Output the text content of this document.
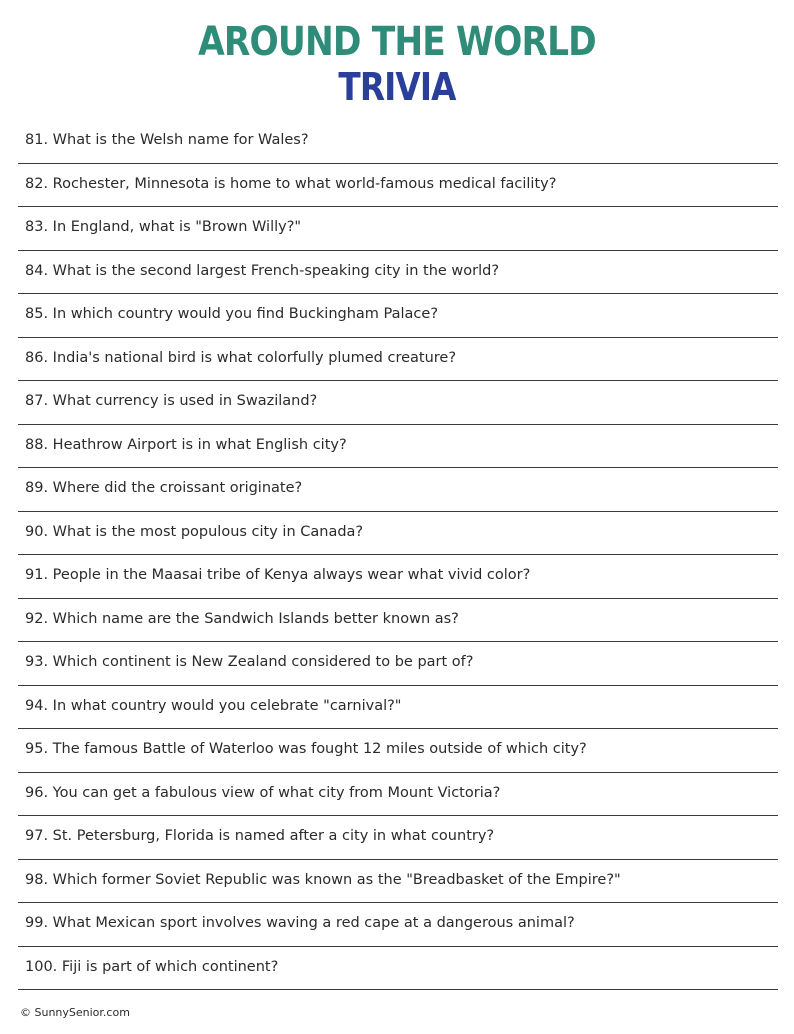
AROUND THE WORLD
TRIVIA
81. What is the Welsh name for Wales?
82. Rochester, Minnesota is home to what world-famous medical facility?
83. In England, what is "Brown Willy?"
84. What is the second largest French-speaking city in the world?
85. In which country would you find Buckingham Palace?
86. India's national bird is what colorfully plumed creature?
87. What currency is used in Swaziland?
88. Heathrow Airport is in what English city?
89. Where did the croissant originate?
90. What is the most populous city in Canada?
91. People in the Maasai tribe of Kenya always wear what vivid color?
92. Which name are the Sandwich Islands better known as?
93. Which continent is New Zealand considered to be part of?
94. In what country would you celebrate "carnival?"
95. The famous Battle of Waterloo was fought 12 miles outside of which city?
96. You can get a fabulous view of what city from Mount Victoria?
97. St. Petersburg, Florida is named after a city in what country?
98. Which former Soviet Republic was known as the "Breadbasket of the Empire?"
99. What Mexican sport involves waving a red cape at a dangerous animal?
100. Fiji is part of which continent?
© SunnySenior.com
